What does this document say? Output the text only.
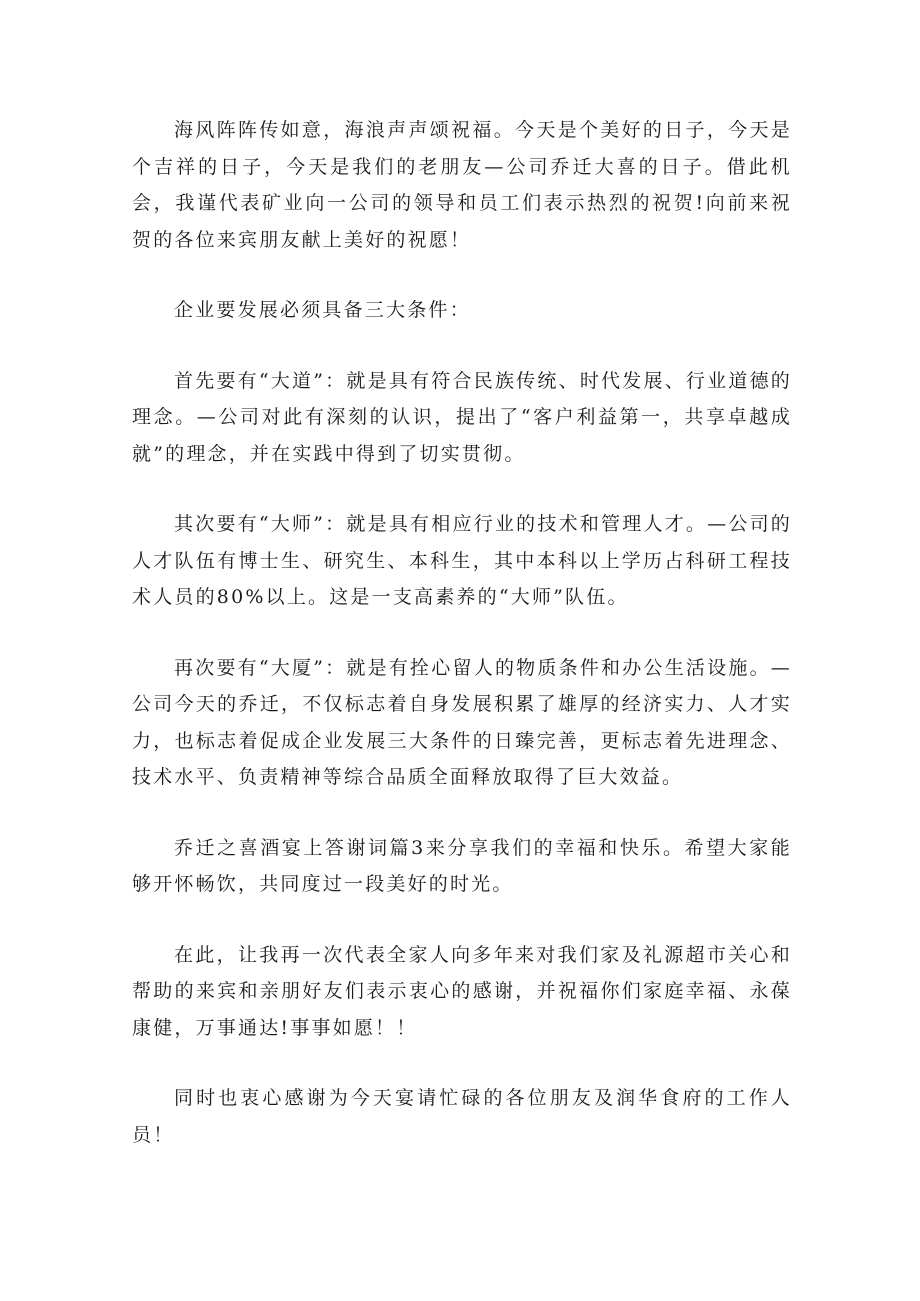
海风阵阵传如意，海浪声声颂祝福。今天是个美好的日子，今天是个吉祥的日子，今天是我们的老朋友—公司乔迁大喜的日子。借此机会，我谨代表矿业向一公司的领导和员工们表示热烈的祝贺!向前来祝贺的各位来宾朋友献上美好的祝愿！

企业要发展必须具备三大条件：

首先要有“大道”：就是具有符合民族传统、时代发展、行业道德的理念。—公司对此有深刻的认识，提出了“客户利益第一，共享卓越成就”的理念，并在实践中得到了切实贯彻。

其次要有“大师”：就是具有相应行业的技术和管理人才。—公司的人才队伍有博士生、研究生、本科生，其中本科以上学历占科研工程技术人员的80%以上。这是一支高素养的“大师”队伍。

再次要有“大厦”：就是有拴心留人的物质条件和办公生活设施。—公司今天的乔迁，不仅标志着自身发展积累了雄厚的经济实力、人才实力，也标志着促成企业发展三大条件的日臻完善，更标志着先进理念、技术水平、负责精神等综合品质全面释放取得了巨大效益。

乔迁之喜酒宴上答谢词篇3来分享我们的幸福和快乐。希望大家能够开怀畅饮，共同度过一段美好的时光。

在此，让我再一次代表全家人向多年来对我们家及礼源超市关心和帮助的来宾和亲朋好友们表示衷心的感谢，并祝福你们家庭幸福、永葆康健，万事通达!事事如愿！！

同时也衷心感谢为今天宴请忙碌的各位朋友及润华食府的工作人员！
